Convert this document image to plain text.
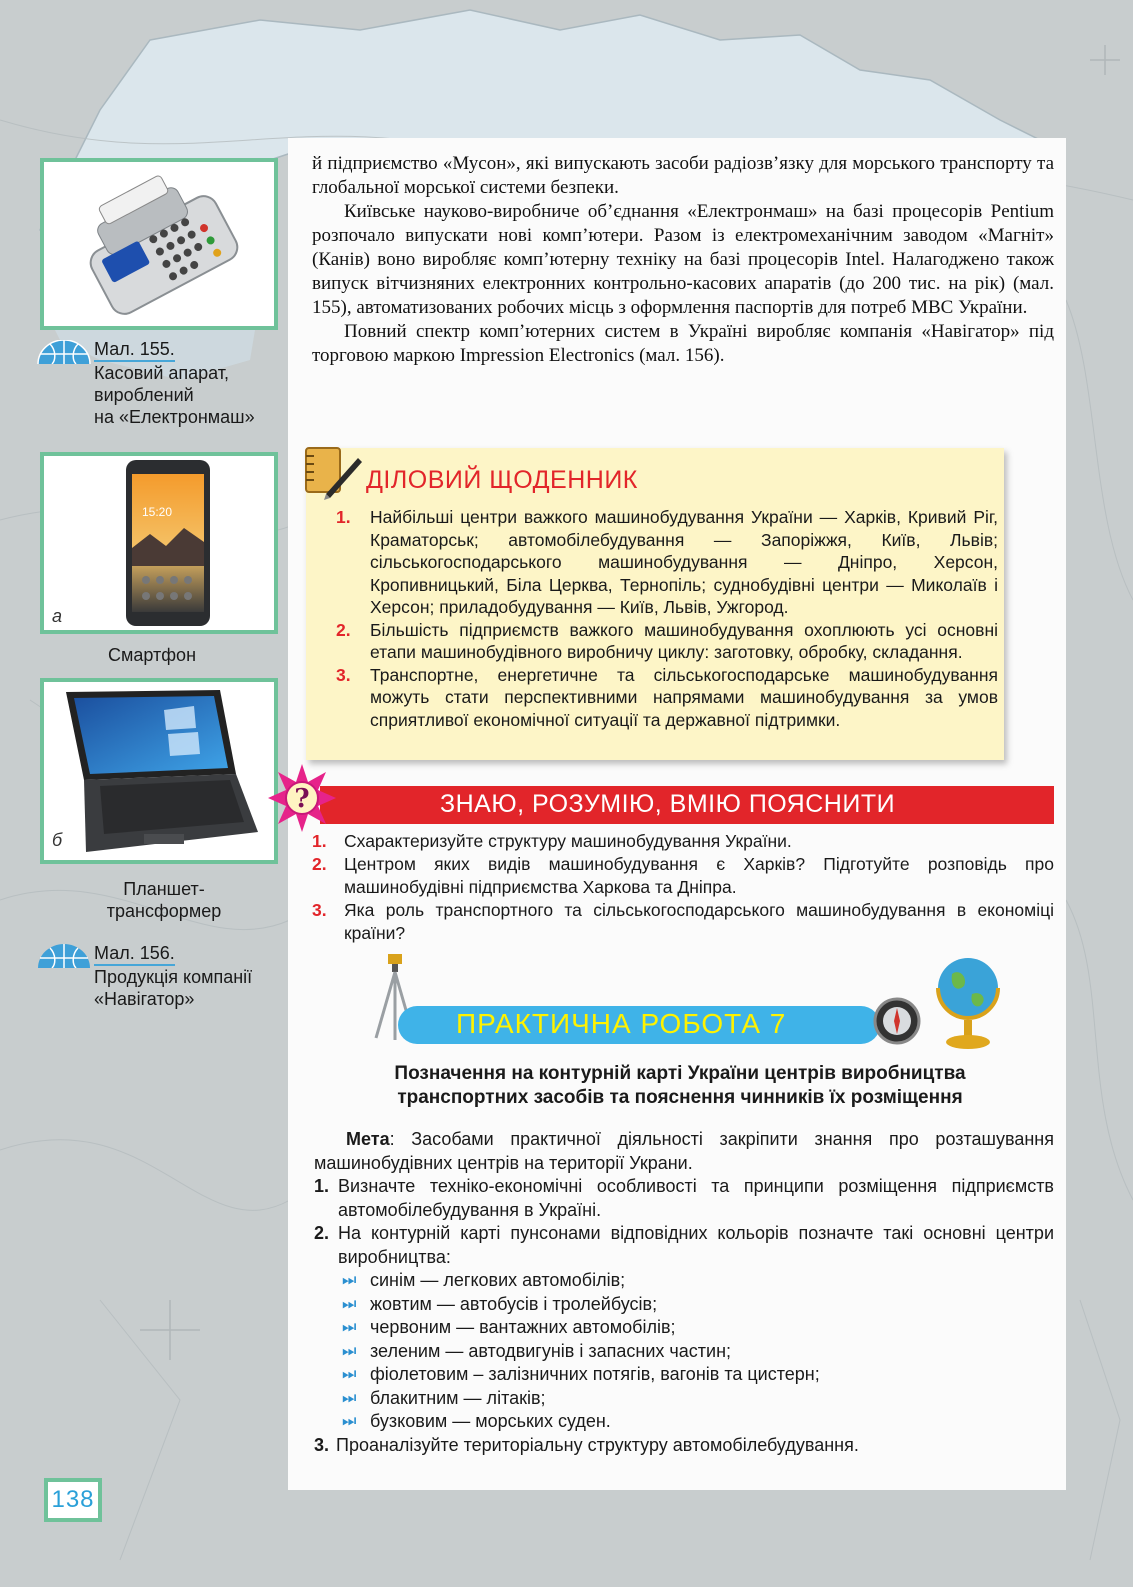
Мал. 155.
Касовий апарат,
вироблений
на «Електронмаш»
15:20
а
Смартфон
б
Планшет-
трансформер
Мал. 156.
Продукція компанії
«Навігатор»

й підприємство «Мусон», які випускають засоби радіозв’язку для морського транспорту та глобальної морської системи безпеки.

Київське науково-виробниче об’єднання «Електронмаш» на базі процесорів Pentium розпочало випускати нові комп’ютери. Разом із електромеханічним заводом «Магніт» (Канів) воно виробляє комп’ютерну техніку на базі процесорів Intel. Налагоджено також випуск вітчизняних електронних контрольно-касових апаратів (до 200 тис. на рік) (мал. 155), автоматизованих робочих місць з оформлення паспортів для потреб МВС України.

Повний спектр комп’ютерних систем в Україні виробляє компанія «Навігатор» під торговою маркою Impression Electronics (мал. 156).

ДІЛОВИЙ ЩОДЕННИК
1. Найбільші центри важкого машинобудування України — Харків, Кривий Ріг, Краматорськ; автомобілебудування — Запоріжжя, Київ, Львів; сільськогосподарського машинобудування — Дніпро, Херсон, Кропивницький, Біла Церква, Тернопіль; суднобудівні центри — Миколаїв і Херсон; приладобудування — Київ, Львів, Ужгород.
2. Більшість підприємств важкого машинобудування охоплюють усі основні етапи машинобудівного виробничу циклу: заготовку, обробку, складання.
3. Транспортне, енергетичне та сільськогосподарське машинобудування можуть стати перспективними напрямами машинобудування за умов сприятливої економічної ситуації та державної підтримки.
?	ЗНАЮ, РОЗУМІЮ, ВМІЮ ПОЯСНИТИ
1. Схарактеризуйте структуру машинобудування України.
2. Центром яких видів машинобудування є Харків? Підготуйте розповідь про машинобудівні підприємства Харкова та Дніпра.
3. Яка роль транспортного та сільськогосподарського машинобудування в економіці країни?
ПРАКТИЧНА РОБОТА 7
Позначення на контурній карті України центрів виробництва
транспортних засобів та пояснення чинників їх розміщення
Мета: Засобами практичної діяльності закріпити знання про розташування машинобудівних центрів на території Украни.
1. Визначте техніко-економічні особливості та принципи розміщення підприємств автомобілебудування в Україні.
2. На контурній карті пунсонами відповідних кольорів позначте такі основні центри виробництва:
⏭ синім — легкових автомобілів;
⏭ жовтим — автобусів і тролейбусів;
⏭ червоним — вантажних автомобілів;
⏭ зеленим — автодвигунів і запасних частин;
⏭ фіолетовим – залізничних потягів, вагонів та цистерн;
⏭ блакитним — літаків;
⏭ бузковим — морських суден.
3. Проаналізуйте територіальну структуру автомобілебудування.
138
